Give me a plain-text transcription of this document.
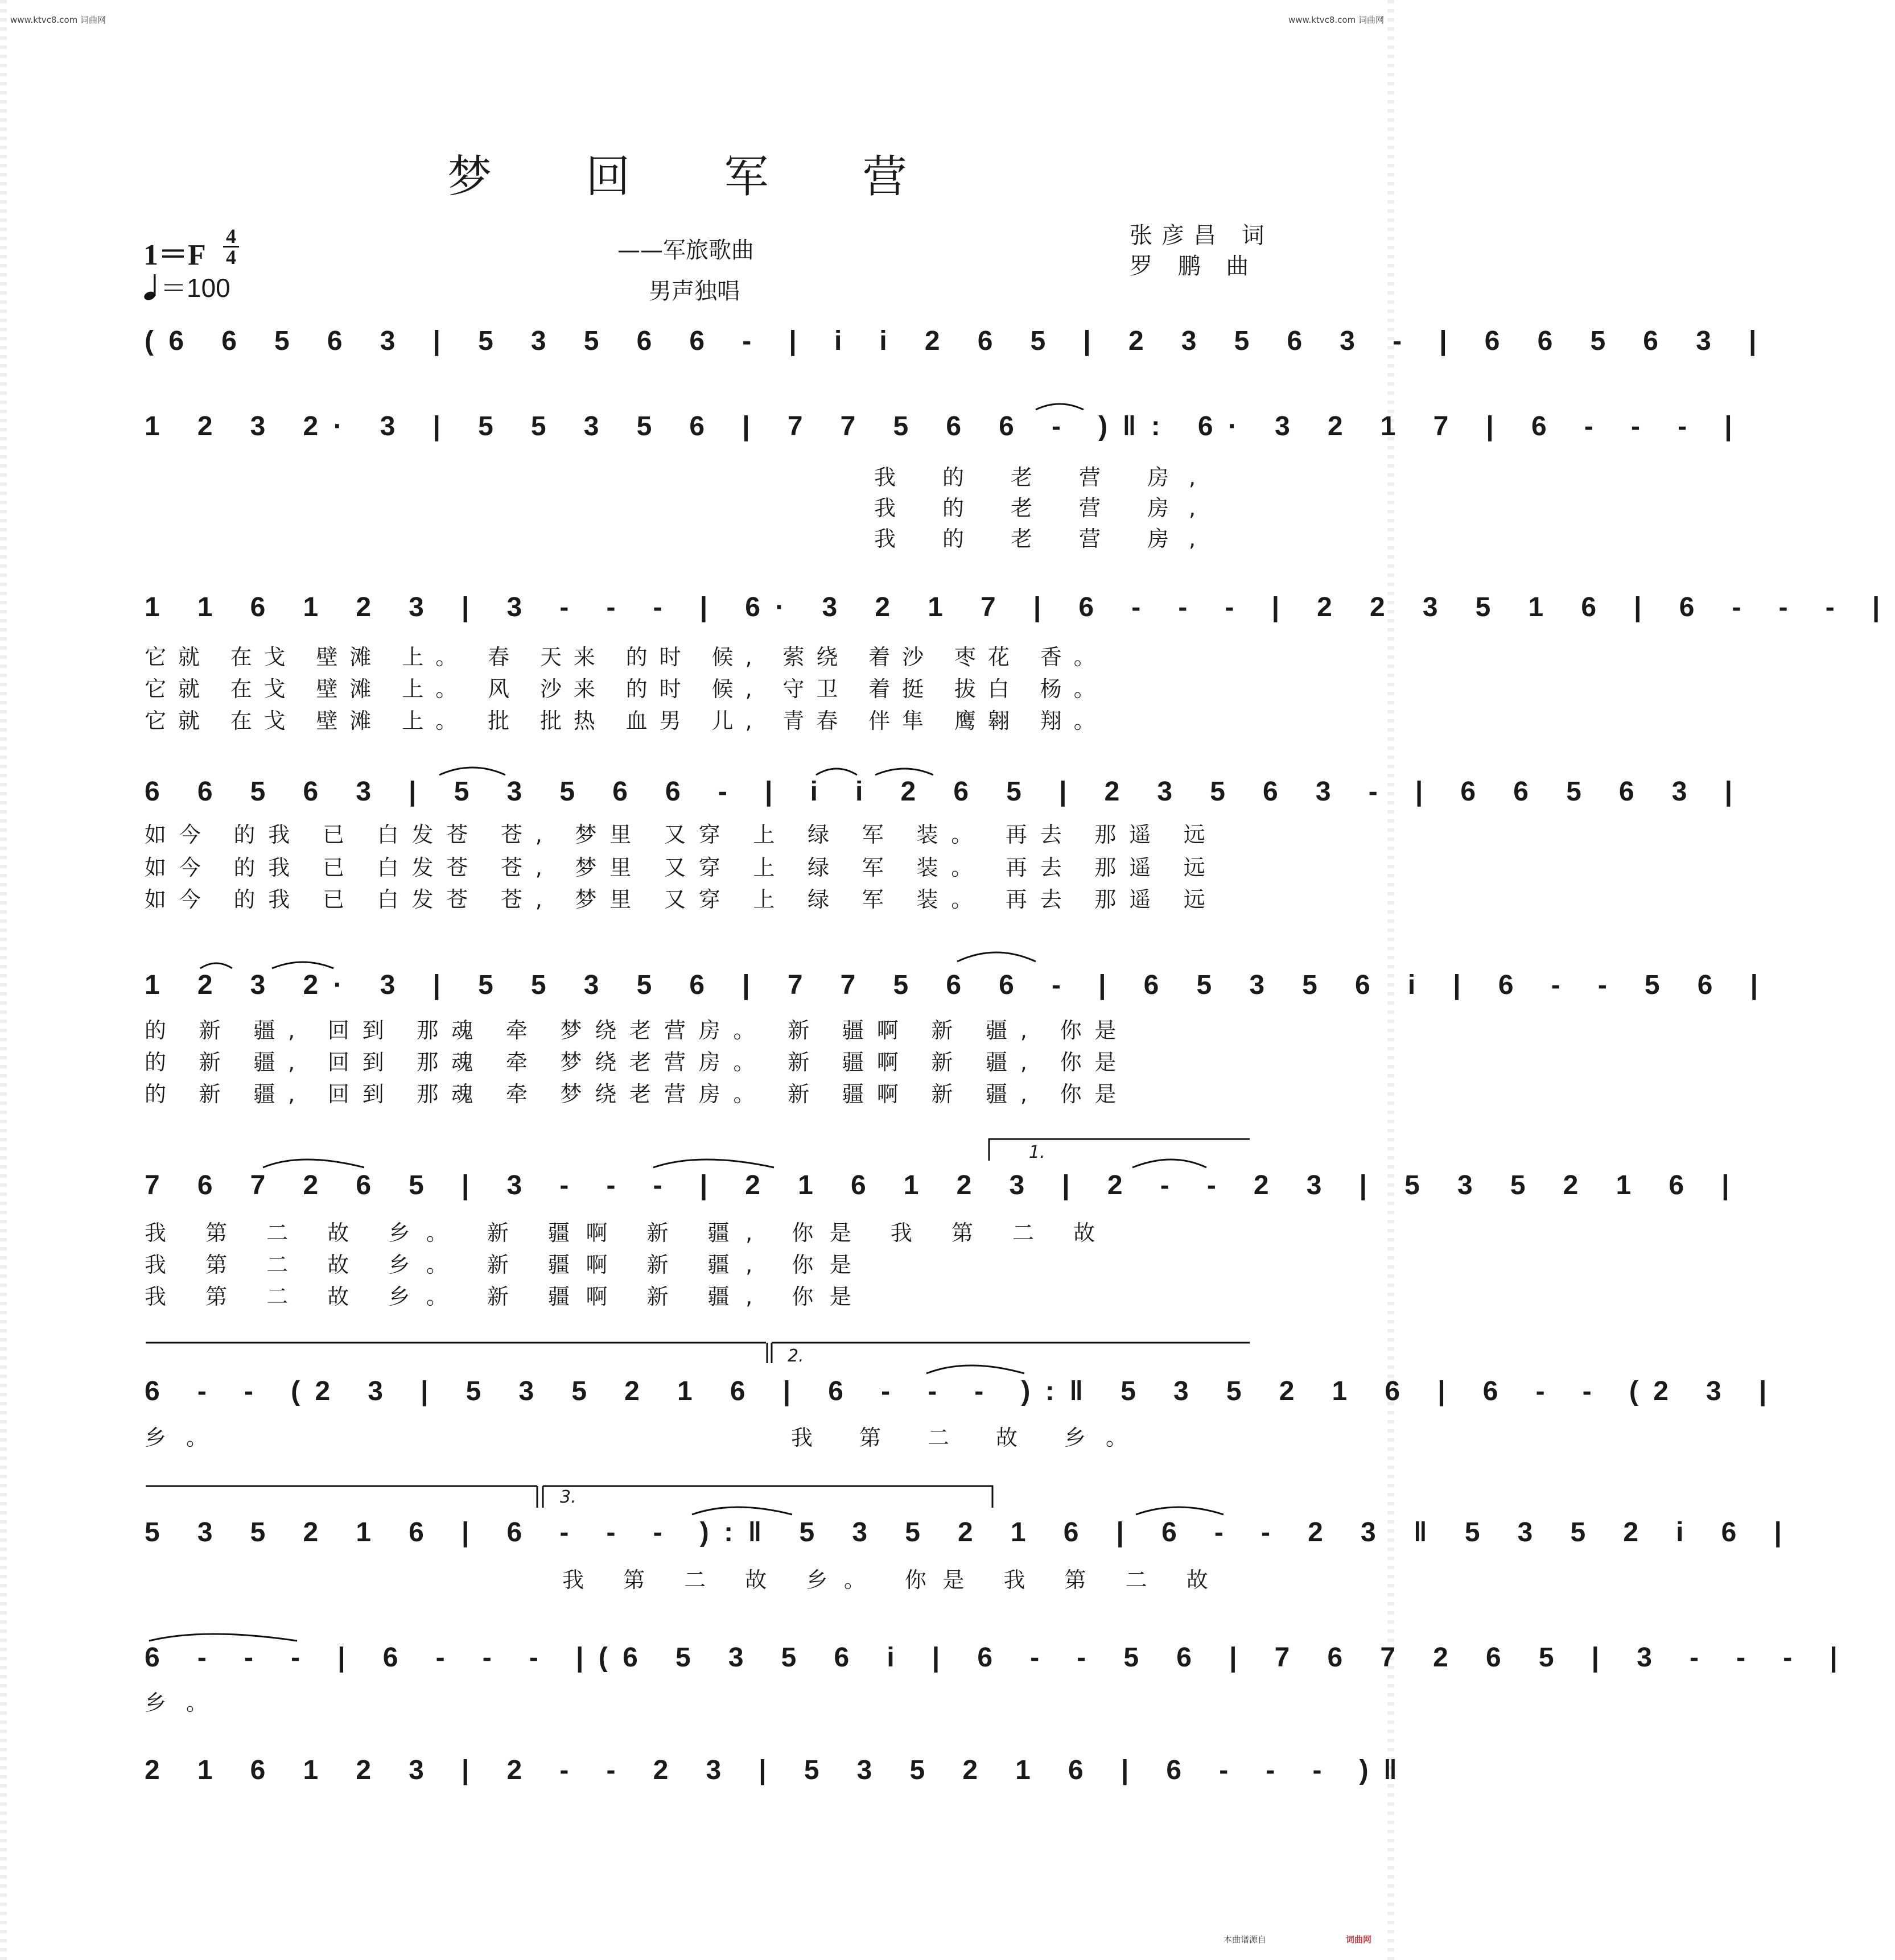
www.ktvc8.com 词曲网	www.ktvc8.com 词曲网
梦 回 军 营
1＝F
4
4
＝100
——军旅歌曲
男声独唱
张彦昌 词
罗 鹏 曲
(6 6 5 6 3 | 5 3 5 6 6 - | i i 2 6 5 | 2 3 5 6 3 - | 6 6 5 6 3 |
1 2 3 2· 3 | 5 5 3 5 6 | 7 7 5 6 6 - )‖: 6· 3 2 1 7 | 6 - - - |
我 的 老 营 房,
我 的 老 营 房,
我 的 老 营 房,
1 1 6 1 2 3 | 3 - - - | 6· 3 2 1 7 | 6 - - - | 2 2 3 5 1 6 | 6 - - - |
它就 在戈 壁滩 上。 春 天来 的时 候, 萦绕 着沙 枣花 香。
它就 在戈 壁滩 上。 风 沙来 的时 候, 守卫 着挺 拔白 杨。
它就 在戈 壁滩 上。 批 批热 血男 儿, 青春 伴隼 鹰翱 翔。
6 6 5 6 3 | 5 3 5 6 6 - | i i 2 6 5 | 2 3 5 6 3 - | 6 6 5 6 3 |
如今 的我 已 白发苍 苍, 梦里 又穿 上 绿 军 装。 再去 那遥 远
如今 的我 已 白发苍 苍, 梦里 又穿 上 绿 军 装。 再去 那遥 远
如今 的我 已 白发苍 苍, 梦里 又穿 上 绿 军 装。 再去 那遥 远
1 2 3 2· 3 | 5 5 3 5 6 | 7 7 5 6 6 - | 6 5 3 5 6 i | 6 - - 5 6 |
的 新 疆, 回到 那魂 牵 梦绕老营房。 新 疆啊 新 疆, 你是
的 新 疆, 回到 那魂 牵 梦绕老营房。 新 疆啊 新 疆, 你是
的 新 疆, 回到 那魂 牵 梦绕老营房。 新 疆啊 新 疆, 你是
1.
7 6 7 2 6 5 | 3 - - - | 2 1 6 1 2 3 | 2 - - 2 3 | 5 3 5 2 1 6 |
我 第 二 故 乡。 新 疆啊 新 疆, 你是 我 第 二 故
我 第 二 故 乡。 新 疆啊 新 疆, 你是
我 第 二 故 乡。 新 疆啊 新 疆, 你是
2.
6 - - (2 3 | 5 3 5 2 1 6 | 6 - - - ):‖ 5 3 5 2 1 6 | 6 - - (2 3 |
乡。	我 第 二 故 乡。
3.
5 3 5 2 1 6 | 6 - - - ):‖ 5 3 5 2 1 6 | 6 - - 2 3 ‖ 5 3 5 2 i 6 |
我 第 二 故 乡。 你是 我 第 二 故
6 - - - | 6 - - - |(6 5 3 5 6 i | 6 - - 5 6 | 7 6 7 2 6 5 | 3 - - - |
乡。
2 1 6 1 2 3 | 2 - - 2 3 | 5 3 5 2 1 6 | 6 - - - )‖
本曲谱源自	词曲网
